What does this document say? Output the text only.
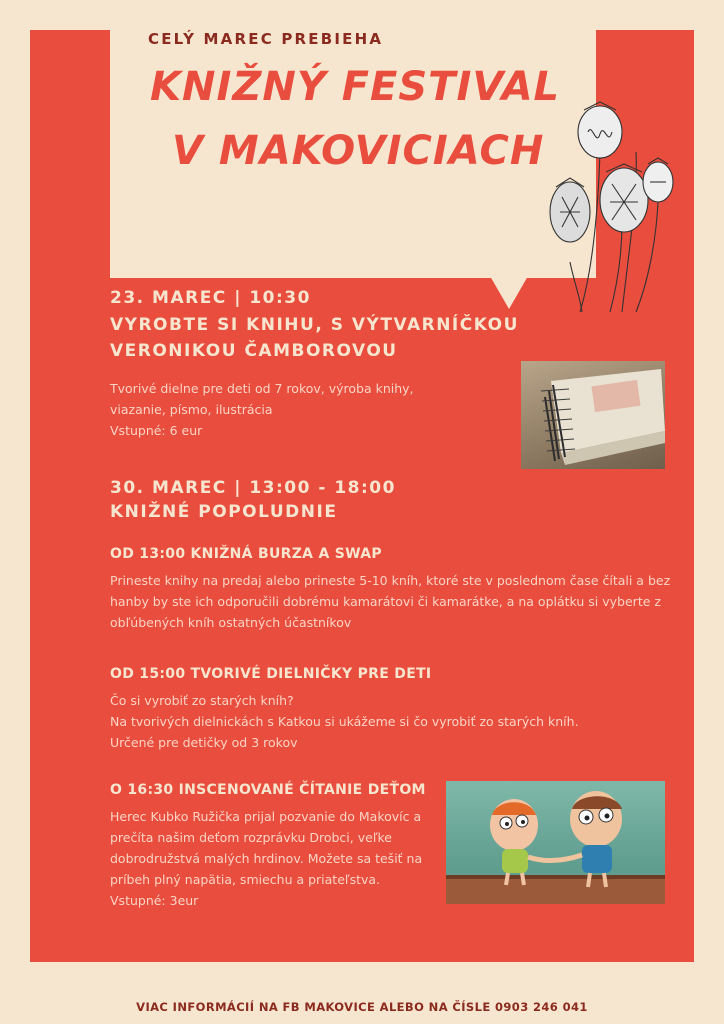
CELÝ MAREC PREBIEHA

KNIŽNÝ FESTIVAL

V MAKOVICIACH

23. MAREC | 10:30

VYROBTE SI KNIHU, S VÝTVARNÍČKOU VERONIKOU ČAMBOROVOU

Tvorivé dielne pre deti od 7 rokov, výroba knihy,
viazanie, písmo, ilustrácia
Vstupné: 6 eur

30. MAREC | 13:00 - 18:00

KNIŽNÉ POPOLUDNIE

OD 13:00 KNIŽNÁ BURZA A SWAP

Prineste knihy na predaj alebo prineste 5-10 kníh, ktoré ste v poslednom čase čítali a bez
hanby by ste ich odporučili dobrému kamarátovi či kamarátke, a na oplátku si vyberte z
obľúbených kníh ostatných účastníkov

OD 15:00 TVORIVÉ DIELNIČKY PRE DETI

Čo si vyrobiť zo starých kníh?
Na tvorivých dielnickách s Katkou si ukážeme si čo vyrobiť zo starých kníh.
Určené pre detičky od 3 rokov

O 16:30 INSCENOVANÉ ČÍTANIE DEŤOM

Herec Kubko Ružička prijal pozvanie do Makovíc a
prečíta našim deťom rozprávku Drobci, veľke
dobrodružstvá malých hrdinov. Možete sa tešiť na
príbeh plný napätia, smiechu a priateľstva.
Vstupné: 3eur

MAKOVICE - CENTRUM VZDELÁVANIA A ENVIRONMENTÁLNYCH AKTIVÍT | PARK 1 | STUPAVA

VIAC INFORMÁCIÍ NA FB MAKOVICE ALEBO NA ČÍSLE 0903 246 041
